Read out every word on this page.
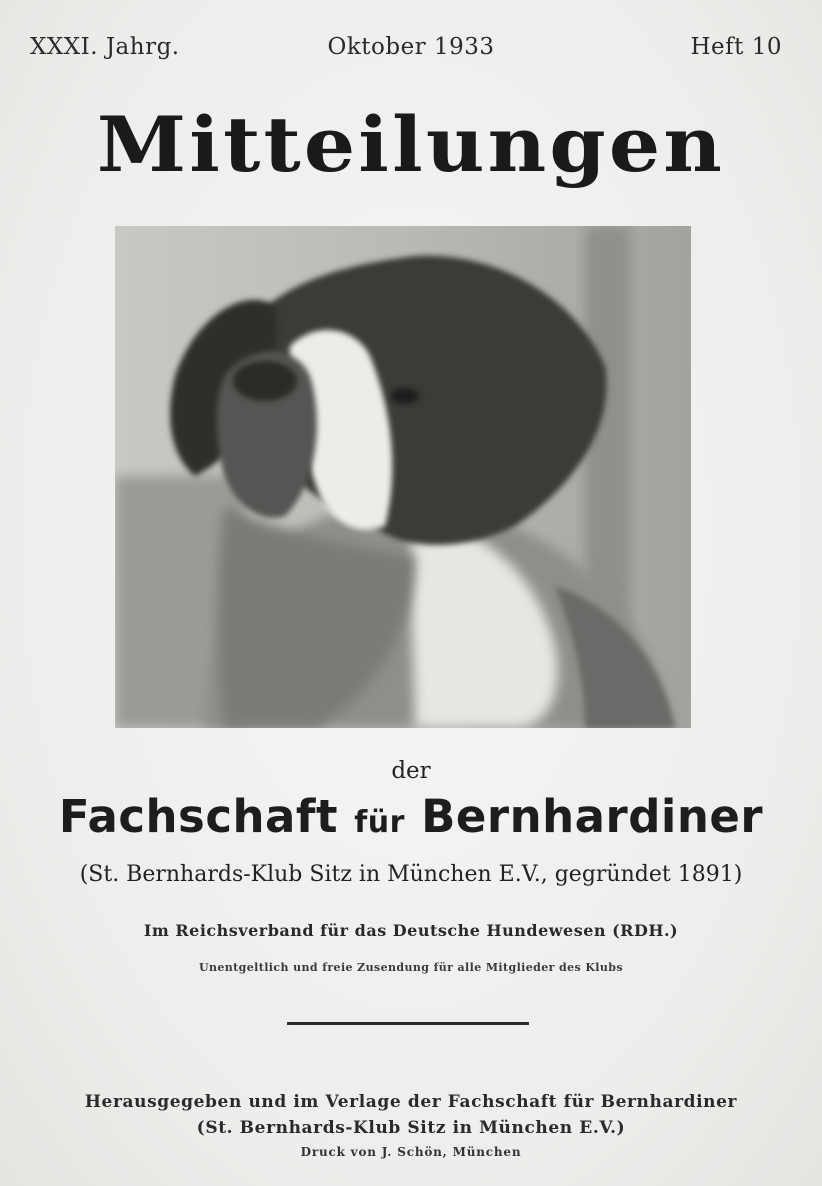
Oktober 1933
XXXI. Jahrg.	Heft 10
Mitteilungen
der
Fachschaft für Bernhardiner
(St. Bernhards-Klub Sitz in München E.V., gegründet 1891)
Im Reichsverband für das Deutsche Hundewesen (RDH.)
Unentgeltlich und freie Zusendung für alle Mitglieder des Klubs
Herausgegeben und im Verlage der Fachschaft für Bernhardiner
(St. Bernhards-Klub Sitz in München E.V.)
Druck von J. Schön, München
